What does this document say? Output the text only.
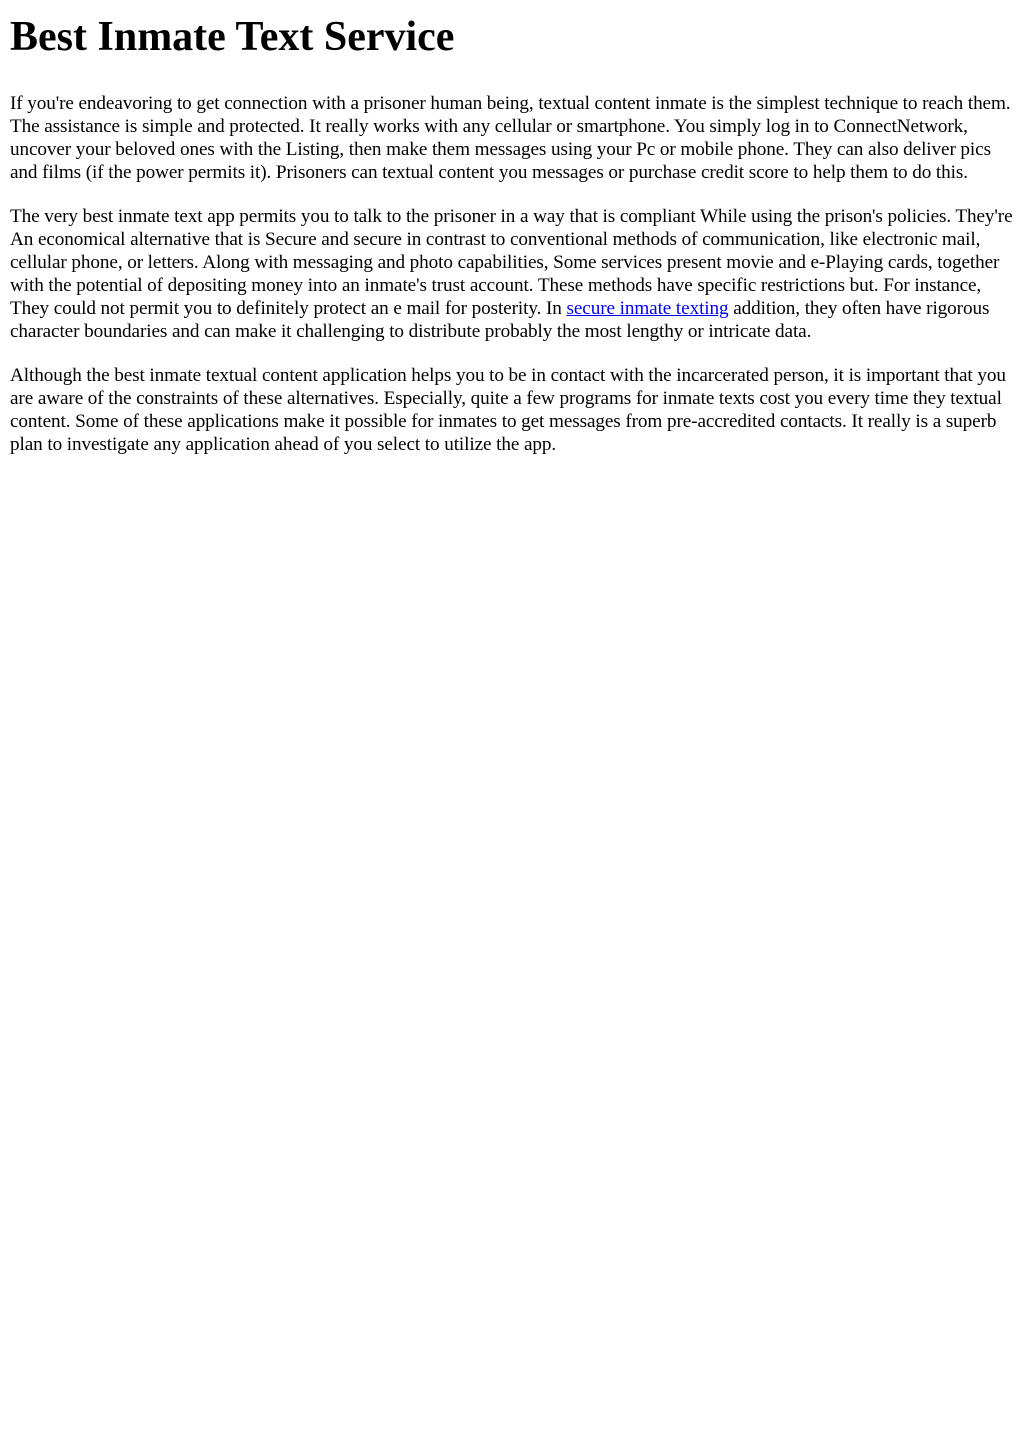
Best Inmate Text Service

If you're endeavoring to get connection with a prisoner human being, textual content inmate is the simplest technique to reach them. The assistance is simple and protected. It really works with any cellular or smartphone. You simply log in to ConnectNetwork, uncover your beloved ones with the Listing, then make them messages using your Pc or mobile phone. They can also deliver pics and films (if the power permits it). Prisoners can textual content you messages or purchase credit score to help them to do this.

The very best inmate text app permits you to talk to the prisoner in a way that is compliant While using the prison's policies. They're An economical alternative that is Secure and secure in contrast to conventional methods of communication, like electronic mail, cellular phone, or letters. Along with messaging and photo capabilities, Some services present movie and e-Playing cards, together with the potential of depositing money into an inmate's trust account. These methods have specific restrictions but. For instance, They could not permit you to definitely protect an e mail for posterity. In secure inmate texting addition, they often have rigorous character boundaries and can make it challenging to distribute probably the most lengthy or intricate data.

Although the best inmate textual content application helps you to be in contact with the incarcerated person, it is important that you are aware of the constraints of these alternatives. Especially, quite a few programs for inmate texts cost you every time they textual content. Some of these applications make it possible for inmates to get messages from pre-accredited contacts. It really is a superb plan to investigate any application ahead of you select to utilize the app.
